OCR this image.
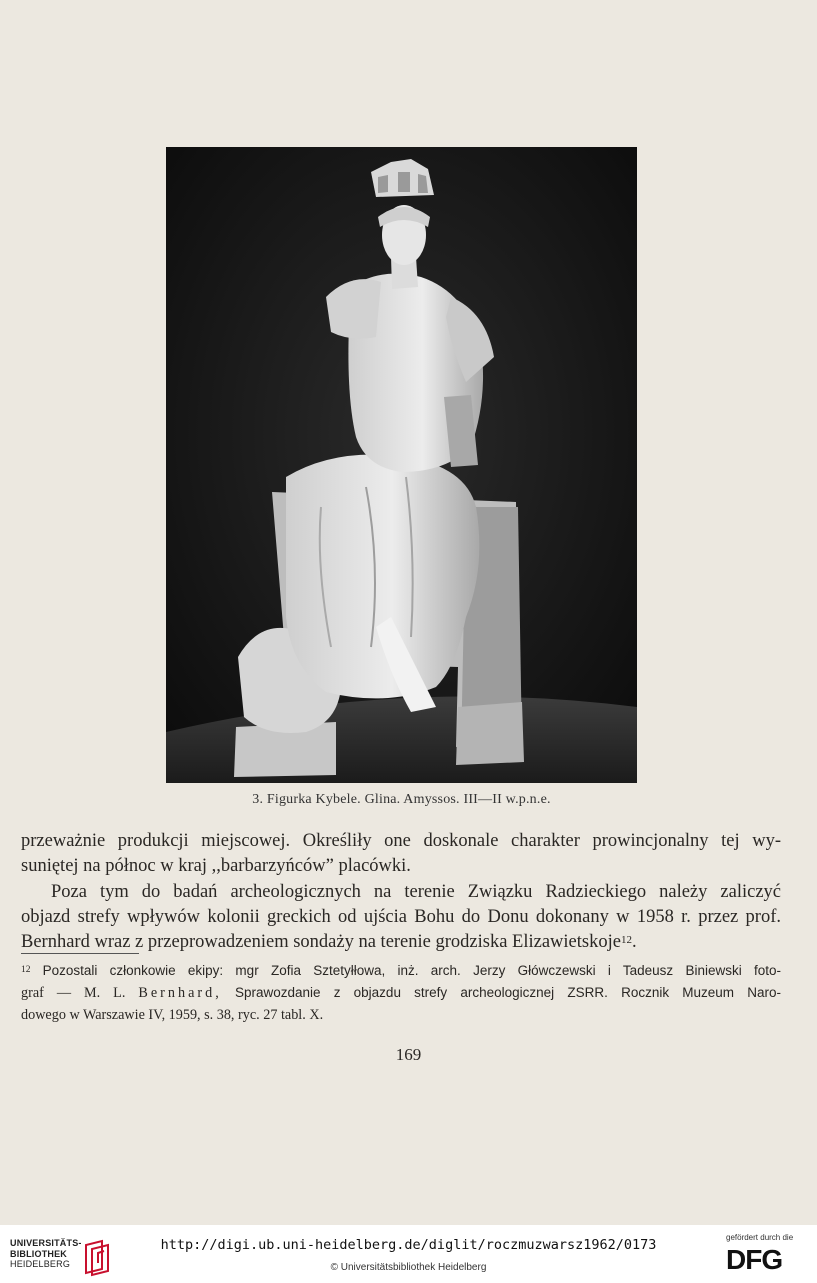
3. Figurka Kybele. Glina. Amyssos. III—II w.p.n.e.
przeważnie produkcji miejscowej. Określiły one doskonale charakter prowincjonalny tej wy-
suniętej na północ w kraj ,,barbarzyńców” placówki.
Poza tym do badań archeologicznych na terenie Związku Radzieckiego należy zaliczyć
objazd strefy wpływów kolonii greckich od ujścia Bohu do Donu dokonany w 1958 r. przez prof.
Bernhard wraz z przeprowadzeniem sondaży na terenie grodziska Elizawietskoje$^{12}$.
$^{12}$ Pozostali członkowie ekipy: mgr Zofia Sztetyłłowa, inż. arch. Jerzy Główczewski i Tadeusz Biniewski foto-
graf — M. L. Bernhard, Sprawozdanie z objazdu strefy archeologicznej ZSRR. Rocznik Muzeum Naro-
dowego w Warszawie IV, 1959, s. 38, ryc. 27 tabl. X.
169
UNIVERSITÄTS-
BIBLIOTHEK
HEIDELBERG
http://digi.ub.uni-heidelberg.de/diglit/roczmuzwarsz1962/0173
© Universitätsbibliothek Heidelberg
gefördert durch die
DFG
